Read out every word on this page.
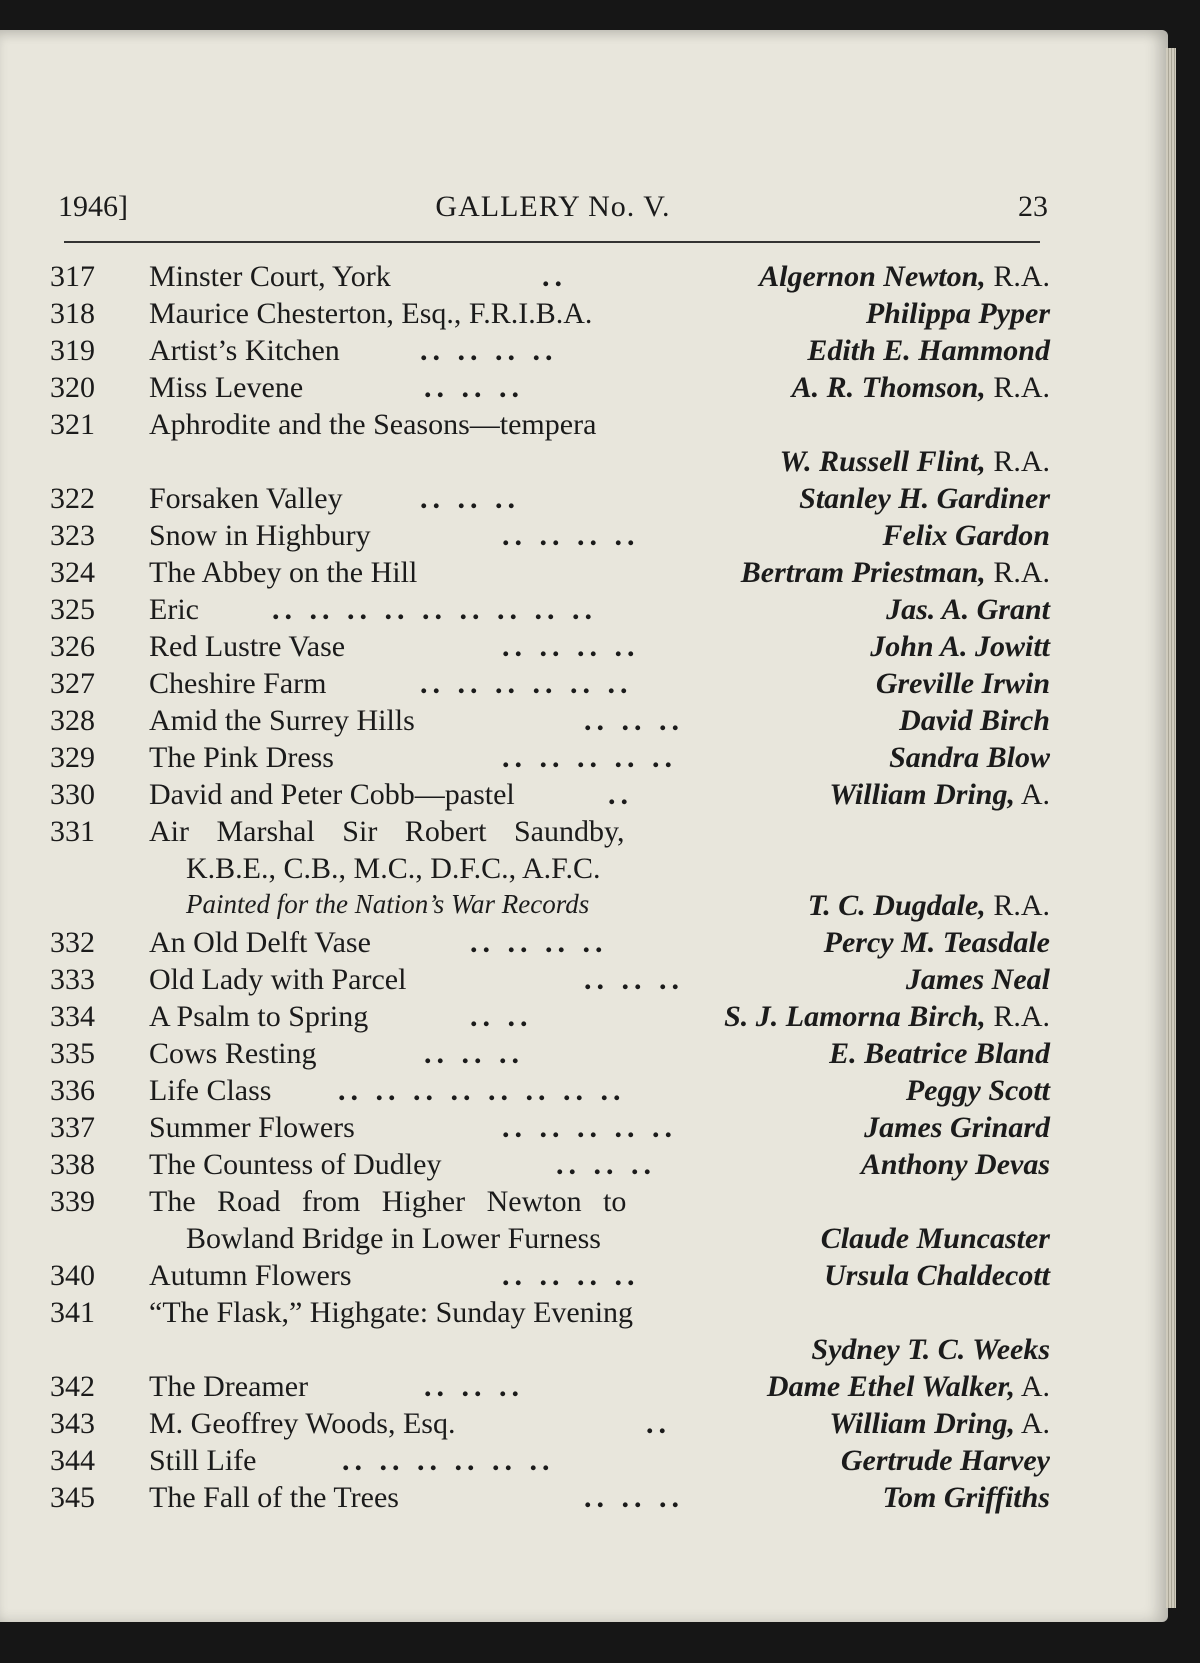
1946]	GALLERY No. V.	23
317	Minster Court, York	..	Algernon Newton, R.A.
318	Maurice Chesterton, Esq., F.R.I.B.A.	Philippa Pyper
319	Artist’s Kitchen	.. .. .. ..	Edith E. Hammond
320	Miss Levene	.. .. ..	A. R. Thomson, R.A.
321	Aphrodite and the Seasons—tempera
W. Russell Flint, R.A.
322	Forsaken Valley	.. .. ..	Stanley H. Gardiner
323	Snow in Highbury	.. .. .. ..	Felix Gardon
324	The Abbey on the Hill	Bertram Priestman, R.A.
325	Eric .. .. .. .. .. .. .. .. ..	Jas. A. Grant
326	Red Lustre Vase	.. .. .. ..	John A. Jowitt
327	Cheshire Farm	.. .. .. .. .. ..	Greville Irwin
328	Amid the Surrey Hills	.. .. ..	David Birch
329	The Pink Dress	.. .. .. .. ..	Sandra Blow
330	David and Peter Cobb—pastel	..	William Dring, A.
331	Air Marshal Sir Robert Saundby,
K.B.E., C.B., M.C., D.F.C., A.F.C.
Painted for the Nation’s War Records	T. C. Dugdale, R.A.
332	An Old Delft Vase	.. .. .. ..	Percy M. Teasdale
333	Old Lady with Parcel	.. .. ..	James Neal
334	A Psalm to Spring	.. ..	S. J. Lamorna Birch, R.A.
335	Cows Resting	.. .. ..	E. Beatrice Bland
336	Life Class .. .. .. .. .. .. .. ..	Peggy Scott
337	Summer Flowers	.. .. .. .. ..	James Grinard
338	The Countess of Dudley	.. .. ..	Anthony Devas
339	The Road from Higher Newton to
Bowland Bridge in Lower Furness	Claude Muncaster
340	Autumn Flowers	.. .. .. ..	Ursula Chaldecott
341	“The Flask,” Highgate: Sunday Evening
Sydney T. C. Weeks
342	The Dreamer	.. .. ..	Dame Ethel Walker, A.
343	M. Geoffrey Woods, Esq.	..	William Dring, A.
344	Still Life	.. .. .. .. .. ..	Gertrude Harvey
345	The Fall of the Trees	.. .. ..	Tom Griffiths
